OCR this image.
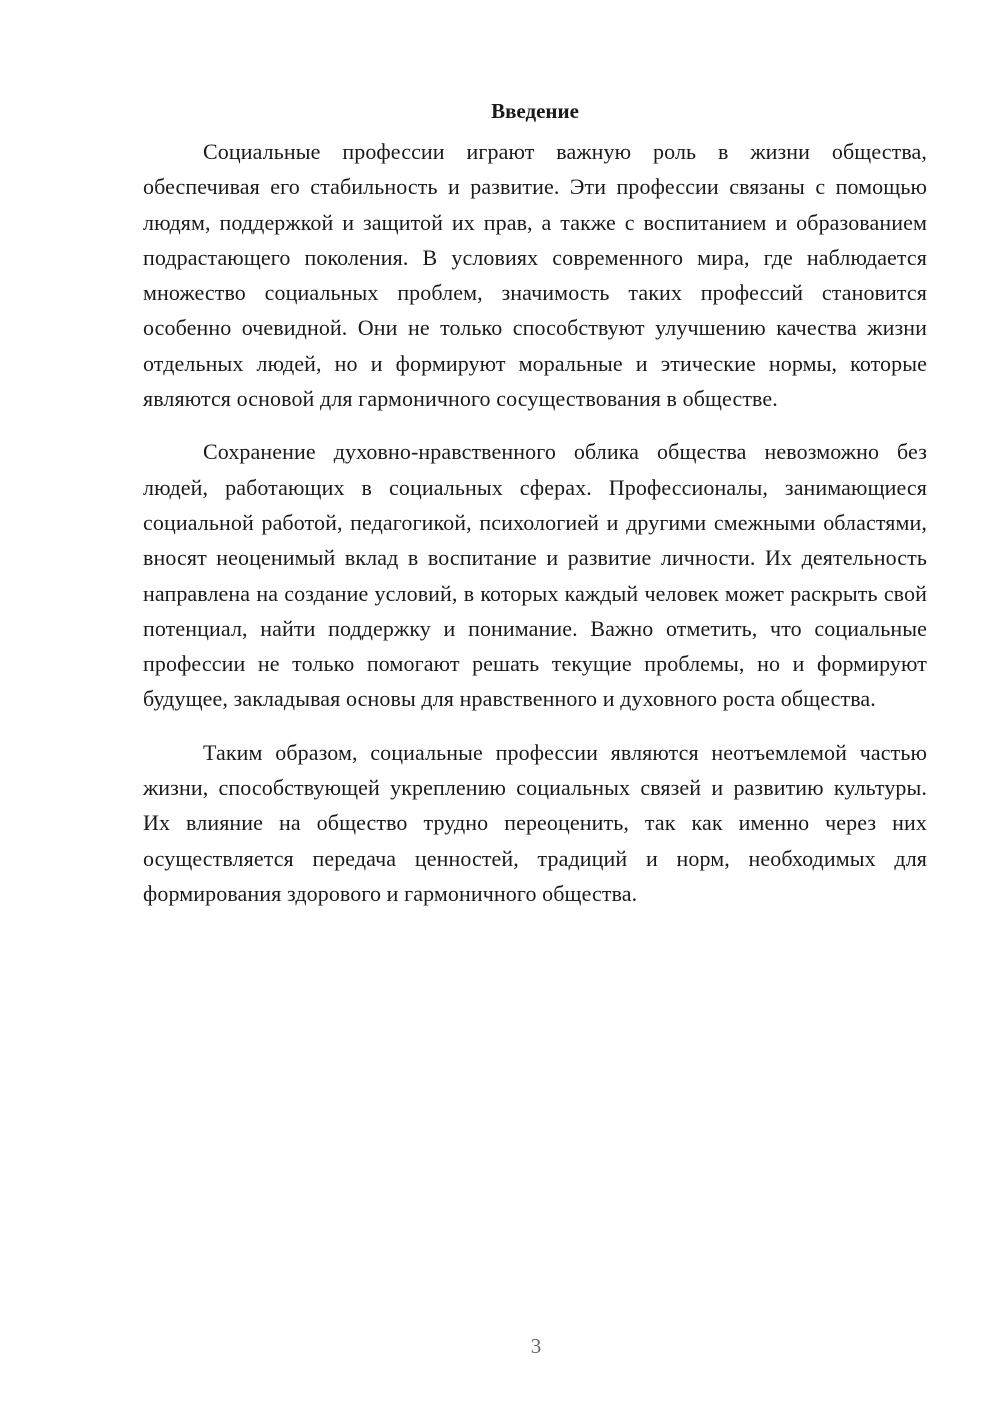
Введение

Социальные профессии играют важную роль в жизни общества, обеспечивая его стабильность и развитие. Эти профессии связаны с помощью людям, поддержкой и защитой их прав, а также с воспитанием и образованием подрастающего поколения. В условиях современного мира, где наблюдается множество социальных проблем, значимость таких профессий становится особенно очевидной. Они не только способствуют улучшению качества жизни отдельных людей, но и формируют моральные и этические нормы, которые являются основой для гармоничного сосуществования в обществе.

Сохранение духовно-нравственного облика общества невозможно без людей, работающих в социальных сферах. Профессионалы, занимающиеся социальной работой, педагогикой, психологией и другими смежными областями, вносят неоценимый вклад в воспитание и развитие личности. Их деятельность направлена на создание условий, в которых каждый человек может раскрыть свой потенциал, найти поддержку и понимание. Важно отметить, что социальные профессии не только помогают решать текущие проблемы, но и формируют будущее, закладывая основы для нравственного и духовного роста общества.

Таким образом, социальные профессии являются неотъемлемой частью жизни, способствующей укреплению социальных связей и развитию культуры. Их влияние на общество трудно переоценить, так как именно через них осуществляется передача ценностей, традиций и норм, необходимых для формирования здорового и гармоничного общества.

3
